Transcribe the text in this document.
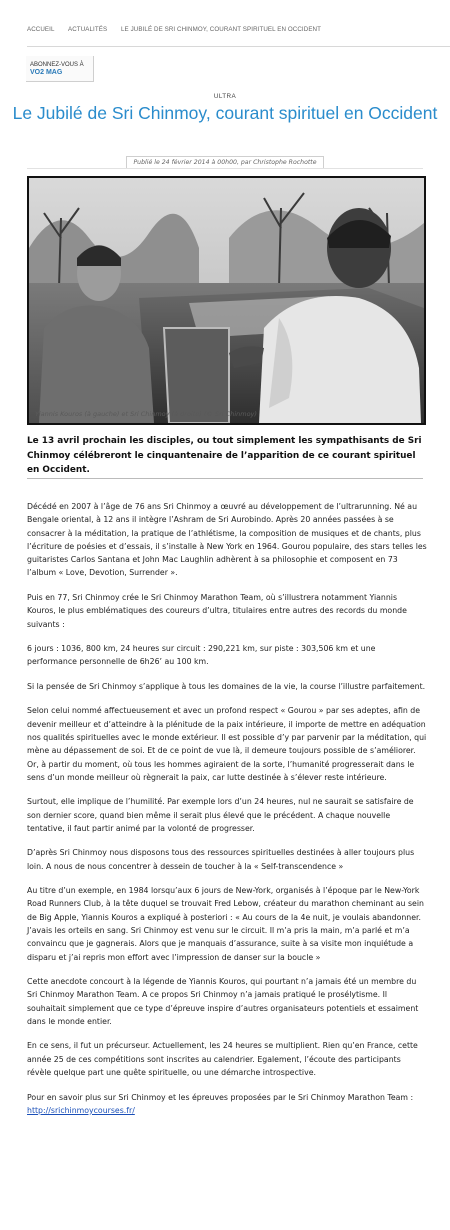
ACCUEIL ACTUALITÉS LE JUBILÉ DE SRI CHINMOY, COURANT SPIRITUEL EN OCCIDENT
ABONNEZ-VOUS À
VO2 MAG
ULTRA
Le Jubilé de Sri Chinmoy, courant spirituel en Occident
Publié le 24 février 2014 à 00h00, par Christophe Rochotte
Yiannis Kouros (à gauche) et Sri Chinmoy (à droite) (© Sri Chinmoy)

Le 13 avril prochain les disciples, ou tout simplement les sympathisants de Sri Chinmoy célébreront le cinquantenaire de l’apparition de ce courant spirituel en Occident.

Décédé en 2007 à l’âge de 76 ans Sri Chinmoy a œuvré au développement de l’ultrarunning. Né au Bengale oriental, à 12 ans il intègre l’Ashram de Sri Aurobindo. Après 20 années passées à se consacrer à la méditation, la pratique de l’athlétisme, la composition de musiques et de chants, plus l’écriture de poésies et d’essais, il s’installe à New York en 1964. Gourou populaire, des stars telles les guitaristes Carlos Santana et John Mac Laughlin adhèrent à sa philosophie et composent en 73 l’album « Love, Devotion, Surrender ».

Puis en 77, Sri Chinmoy crée le Sri Chinmoy Marathon Team, où s’illustrera notamment Yiannis Kouros, le plus emblématiques des coureurs d’ultra, titulaires entre autres des records du monde suivants :

6 jours : 1036, 800 km, 24 heures sur circuit : 290,221 km, sur piste : 303,506 km et une performance personnelle de 6h26’ au 100 km.

Si la pensée de Sri Chinmoy s’applique à tous les domaines de la vie, la course l’illustre parfaitement.

Selon celui nommé affectueusement et avec un profond respect « Gourou » par ses adeptes, afin de devenir meilleur et d’atteindre à la plénitude de la paix intérieure, il importe de mettre en adéquation nos qualités spirituelles avec le monde extérieur. Il est possible d’y par parvenir par la méditation, qui mène au dépassement de soi. Et de ce point de vue là, il demeure toujours possible de s’améliorer. Or, à partir du moment, où tous les hommes agiraient de la sorte, l’humanité progresserait dans le sens d’un monde meilleur où règnerait la paix, car lutte destinée à s’élever reste intérieure.

Surtout, elle implique de l’humilité. Par exemple lors d’un 24 heures, nul ne saurait se satisfaire de son dernier score, quand bien même il serait plus élevé que le précédent. A chaque nouvelle tentative, il faut partir animé par la volonté de progresser.

D’après Sri Chinmoy nous disposons tous des ressources spirituelles destinées à aller toujours plus loin. A nous de nous concentrer à dessein de toucher à la « Self-transcendence »

Au titre d’un exemple, en 1984 lorsqu’aux 6 jours de New-York, organisés à l’époque par le New-York Road Runners Club, à la tête duquel se trouvait Fred Lebow, créateur du marathon cheminant au sein de Big Apple, Yiannis Kouros a expliqué à posteriori : « Au cours de la 4e nuit, je voulais abandonner. J’avais les orteils en sang. Sri Chinmoy est venu sur le circuit. Il m’a pris la main, m’a parlé et m’a convaincu que je gagnerais. Alors que je manquais d’assurance, suite à sa visite mon inquiétude a disparu et j’ai repris mon effort avec l’impression de danser sur la boucle »

Cette anecdote concourt à la légende de Yiannis Kouros, qui pourtant n’a jamais été un membre du Sri Chinmoy Marathon Team. A ce propos Sri Chinmoy n’a jamais pratiqué le prosélytisme. Il souhaitait simplement que ce type d’épreuve inspire d’autres organisateurs potentiels et essaiment dans le monde entier.

En ce sens, il fut un précurseur. Actuellement, les 24 heures se multiplient. Rien qu’en France, cette année 25 de ces compétitions sont inscrites au calendrier. Egalement, l’écoute des participants révèle quelque part une quête spirituelle, ou une démarche introspective.

Pour en savoir plus sur Sri Chinmoy et les épreuves proposées par le Sri Chinmoy Marathon Team :
http://srichinmoycourses.fr/
